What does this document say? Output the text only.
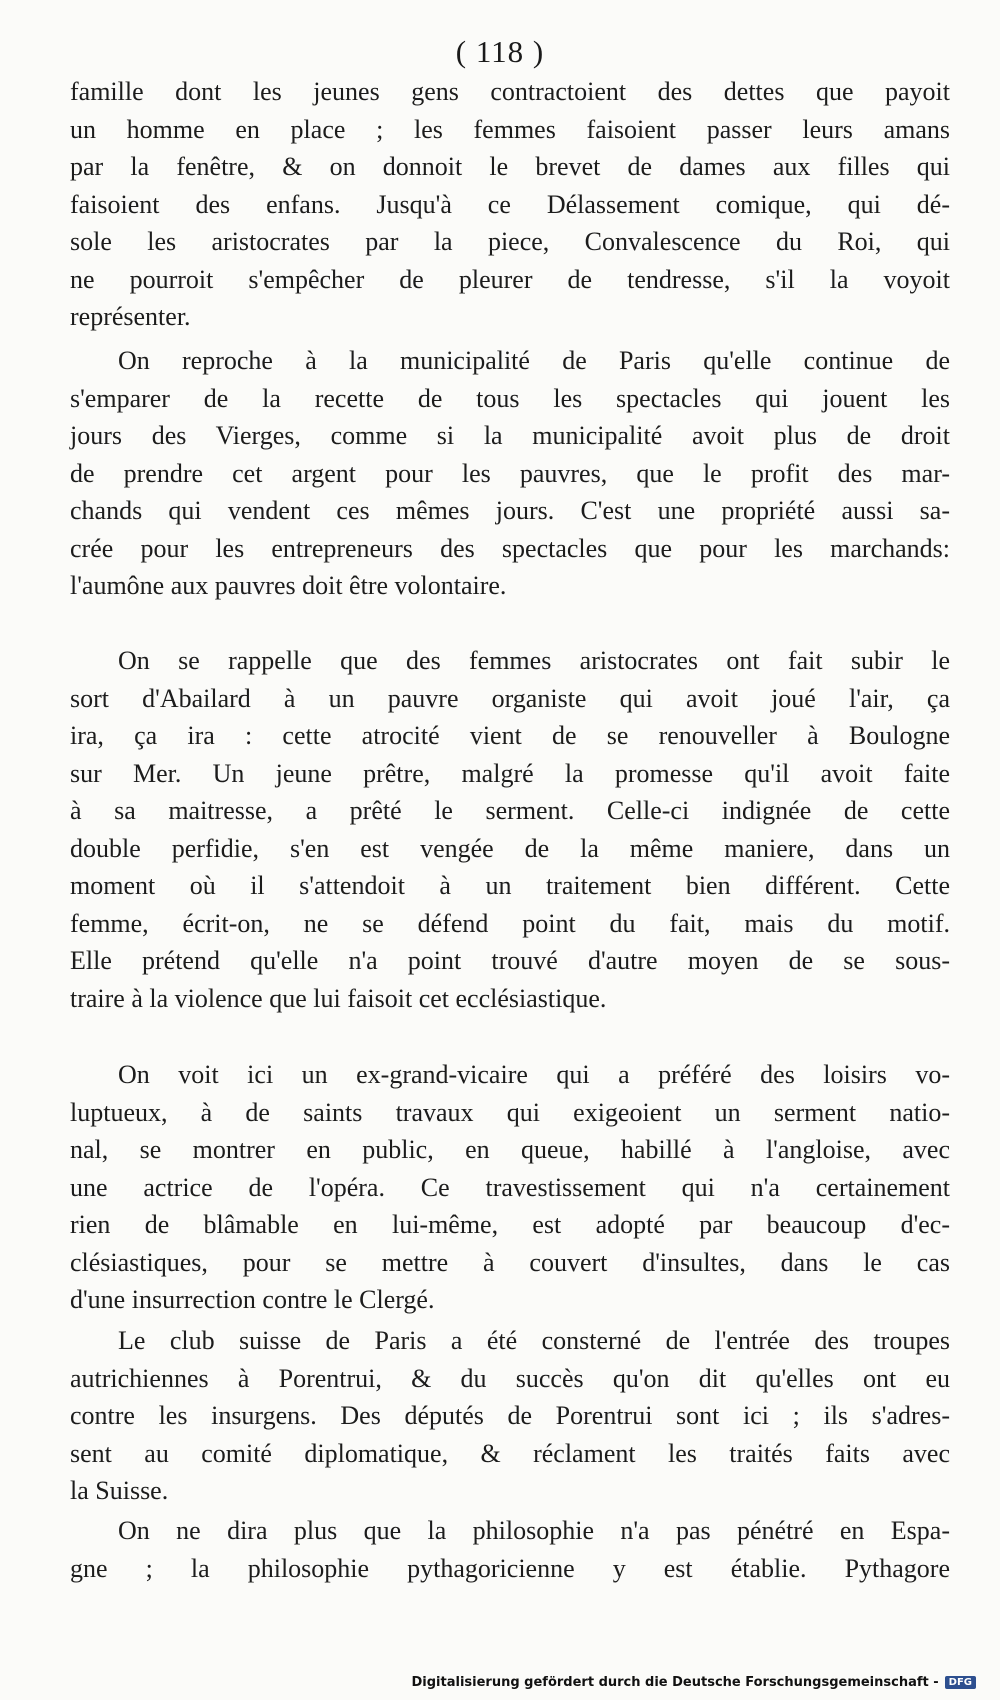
( 118 )
famille dont les jeunes gens contractoient des dettes que payoit
un homme en place ; les femmes faisoient passer leurs amans
par la fenêtre, & on donnoit le brevet de dames aux filles qui
faisoient des enfans. Jusqu'à ce Délassement comique, qui dé-
sole les aristocrates par la piece, Convalescence du Roi, qui
ne pourroit s'empêcher de pleurer de tendresse, s'il la voyoit
représenter.
On reproche à la municipalité de Paris qu'elle continue de
s'emparer de la recette de tous les spectacles qui jouent les
jours des Vierges, comme si la municipalité avoit plus de droit
de prendre cet argent pour les pauvres, que le profit des mar-
chands qui vendent ces mêmes jours. C'est une propriété aussi sa-
crée pour les entrepreneurs des spectacles que pour les marchands:
l'aumône aux pauvres doit être volontaire.
On se rappelle que des femmes aristocrates ont fait subir le
sort d'Abailard à un pauvre organiste qui avoit joué l'air, ça
ira, ça ira : cette atrocité vient de se renouveller à Boulogne
sur Mer. Un jeune prêtre, malgré la promesse qu'il avoit faite
à sa maitresse, a prêté le serment. Celle-ci indignée de cette
double perfidie, s'en est vengée de la même maniere, dans un
moment où il s'attendoit à un traitement bien différent. Cette
femme, écrit-on, ne se défend point du fait, mais du motif.
Elle prétend qu'elle n'a point trouvé d'autre moyen de se sous-
traire à la violence que lui faisoit cet ecclésiastique.
On voit ici un ex-grand-vicaire qui a préféré des loisirs vo-
luptueux, à de saints travaux qui exigeoient un serment natio-
nal, se montrer en public, en queue, habillé à l'angloise, avec
une actrice de l'opéra. Ce travestissement qui n'a certainement
rien de blâmable en lui-même, est adopté par beaucoup d'ec-
clésiastiques, pour se mettre à couvert d'insultes, dans le cas
d'une insurrection contre le Clergé.
Le club suisse de Paris a été consterné de l'entrée des troupes
autrichiennes à Porentrui, & du succès qu'on dit qu'elles ont eu
contre les insurgens. Des députés de Porentrui sont ici ; ils s'adres-
sent au comité diplomatique, & réclament les traités faits avec
la Suisse.
On ne dira plus que la philosophie n'a pas pénétré en Espa-
gne ; la philosophie pythagoricienne y est établie. Pythagore
Digitalisierung gefördert durch die Deutsche Forschungsgemeinschaft -	DFG
